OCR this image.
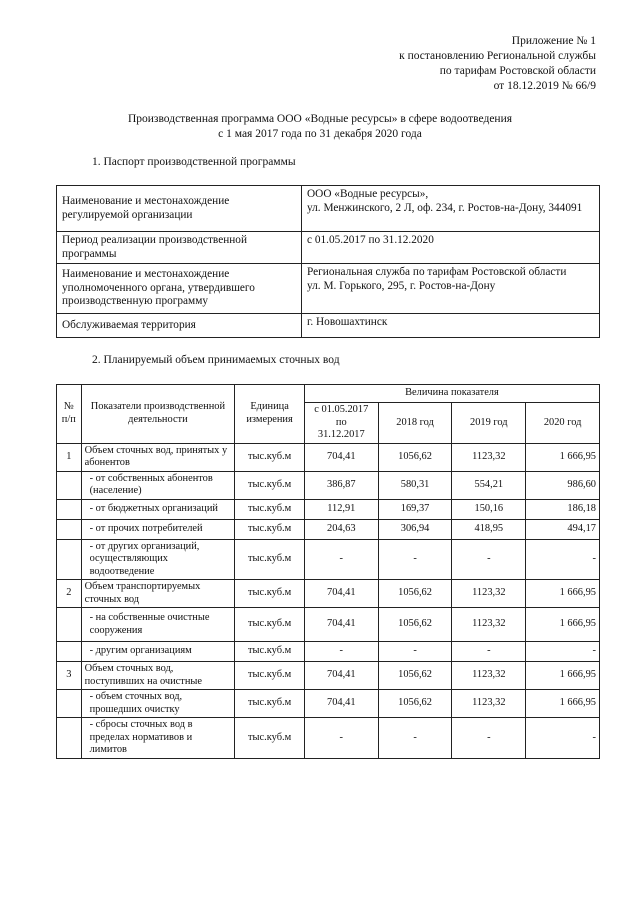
Приложение № 1
к постановлению Региональной службы
по тарифам Ростовской области
от 18.12.2019 № 66/9
Производственная программа ООО «Водные ресурсы» в сфере водоотведения
с 1 мая 2017 года по 31 декабря 2020 года
1. Паспорт производственной программы
Наименование и местонахождение регулируемой организации	ООО «Водные ресурсы»,
ул. Менжинского, 2 Л, оф. 234, г. Ростов-на-Дону, 344091
Период реализации производственной программы	с 01.05.2017 по 31.12.2020
Наименование и местонахождение уполномоченного органа, утвердившего производственную программу	Региональная служба по тарифам Ростовской области
ул. М. Горького, 295, г. Ростов-на-Дону
Обслуживаемая территория	г. Новошахтинск
2. Планируемый объем принимаемых сточных вод
№
п/п	Показатели производственной деятельности	Единица измерения	Величина показателя			
			с 01.05.2017
по
31.12.2017	2018 год	2019 год	2020 год
1	Объем сточных вод, принятых у абонентов	тыс.куб.м	704,41	1056,62	1123,32	1 666,95
	- от собственных абонентов (население)	тыс.куб.м	386,87	580,31	554,21	986,60
	- от бюджетных организаций	тыс.куб.м	112,91	169,37	150,16	186,18
	- от прочих потребителей	тыс.куб.м	204,63	306,94	418,95	494,17
	- от других организаций, осуществляющих водоотведение	тыс.куб.м	-	-	-	-
2	Объем транспортируемых сточных вод	тыс.куб.м	704,41	1056,62	1123,32	1 666,95
	- на собственные очистные сооружения	тыс.куб.м	704,41	1056,62	1123,32	1 666,95
	- другим организациям	тыс.куб.м	-	-	-	-
3	Объем сточных вод, поступивших на очистные	тыс.куб.м	704,41	1056,62	1123,32	1 666,95
	- объем сточных вод, прошедших очистку	тыс.куб.м	704,41	1056,62	1123,32	1 666,95
	- сбросы сточных вод в пределах нормативов и лимитов	тыс.куб.м	-	-	-	-
